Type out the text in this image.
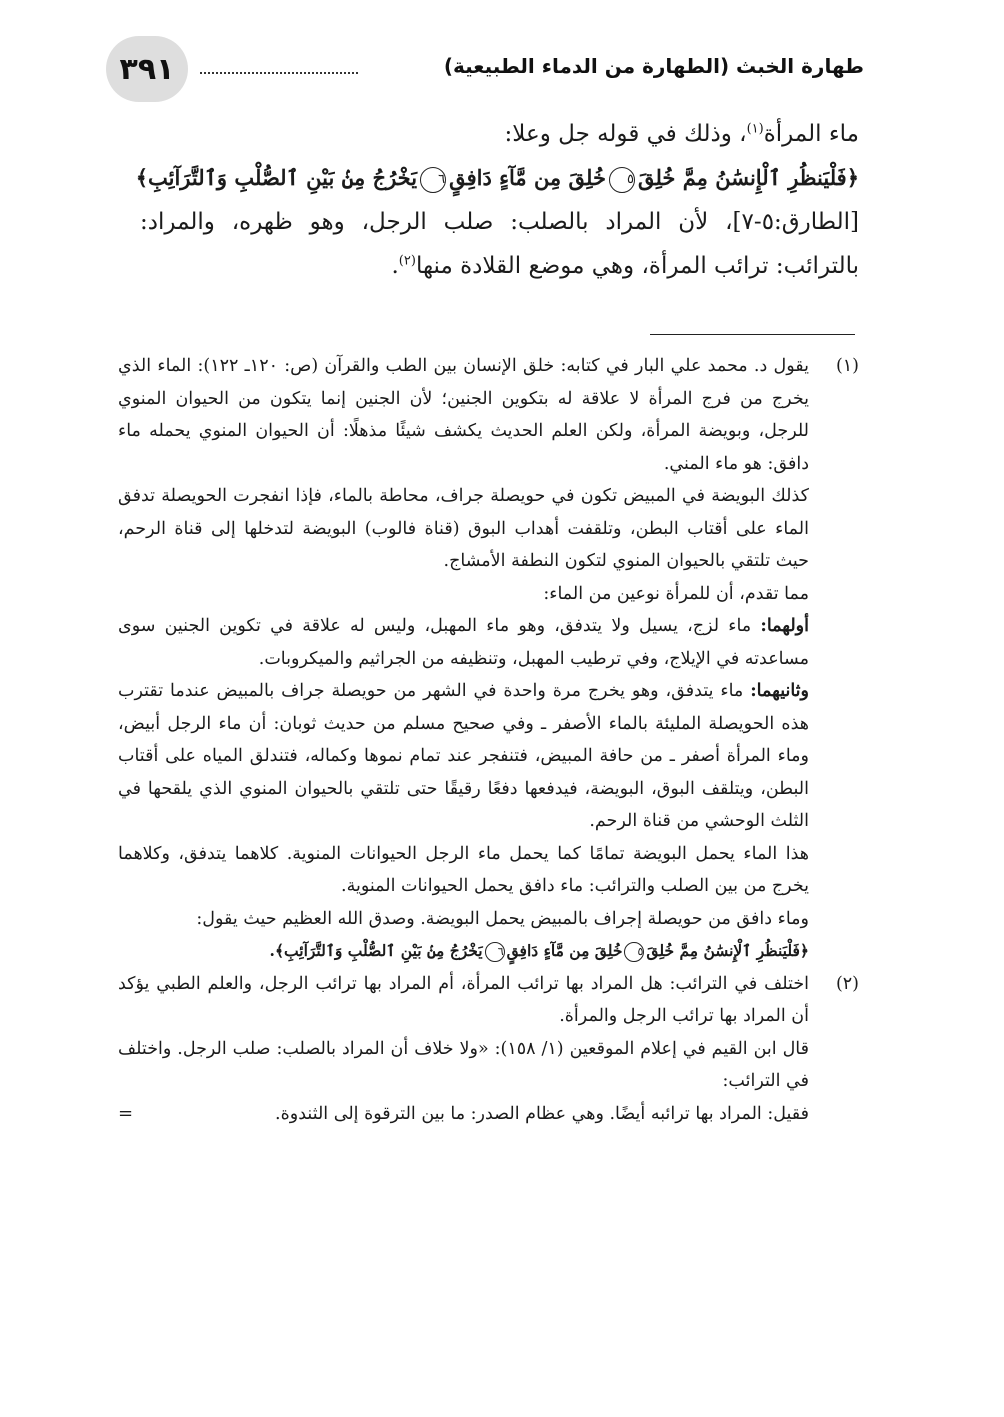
طهارة الخبث (الطهارة من الدماء الطبيعية)
٣٩١

ماء المرأة$^{(١)}$، وذلك في قوله جل وعلا:

﴿فَلْيَنظُرِ ٱلْإِنسَٰنُ مِمَّ خُلِقَ٥خُلِقَ مِن مَّآءٍ دَافِقٍ٦يَخْرُجُ مِنۢ بَيْنِ ٱلصُّلْبِ وَٱلتَّرَآئِبِ﴾

[الطارق:٥-٧]، لأن المراد بالصلب: صلب الرجل، وهو ظهره، والمراد: بالترائب: ترائب المرأة، وهي موضع القلادة منها$^{(٢)}$.

(١)

يقول د. محمد علي البار في كتابه: خلق الإنسان بين الطب والقرآن (ص: ١٢٠ـ ١٢٢): الماء الذي يخرج من فرج المرأة لا علاقة له بتكوين الجنين؛ لأن الجنين إنما يتكون من الحيوان المنوي للرجل، وبويضة المرأة، ولكن العلم الحديث يكشف شيئًا مذهلًا: أن الحيوان المنوي يحمله ماء دافق: هو ماء المني.

كذلك البويضة في المبيض تكون في حويصلة جراف، محاطة بالماء، فإذا انفجرت الحويصلة تدفق الماء على أقتاب البطن، وتلقفت أهداب البوق (قناة فالوب) البويضة لتدخلها إلى قناة الرحم، حيث تلتقي بالحيوان المنوي لتكون النطفة الأمشاج.

مما تقدم، أن للمرأة نوعين من الماء:

أولهما: ماء لزج، يسيل ولا يتدفق، وهو ماء المهبل، وليس له علاقة في تكوين الجنين سوى مساعدته في الإيلاج، وفي ترطيب المهبل، وتنظيفه من الجراثيم والميكروبات.

وثانيهما: ماء يتدفق، وهو يخرج مرة واحدة في الشهر من حويصلة جراف بالمبيض عندما تقترب هذه الحويصلة المليئة بالماء الأصفر ـ وفي صحيح مسلم من حديث ثوبان: أن ماء الرجل أبيض، وماء المرأة أصفر ـ من حافة المبيض، فتنفجر عند تمام نموها وكماله، فتندلق المياه على أقتاب البطن، ويتلقف البوق، البويضة، فيدفعها دفعًا رقيقًا حتى تلتقي بالحيوان المنوي الذي يلقحها في الثلث الوحشي من قناة الرحم.

هذا الماء يحمل البويضة تمامًا كما يحمل ماء الرجل الحيوانات المنوية. كلاهما يتدفق، وكلاهما يخرج من بين الصلب والترائب: ماء دافق يحمل الحيوانات المنوية.

وماء دافق من حويصلة إجراف بالمبيض يحمل البويضة. وصدق الله العظيم حيث يقول:

﴿فَلْيَنظُرِ ٱلْإِنسَٰنُ مِمَّ خُلِقَ٥خُلِقَ مِن مَّآءٍ دَافِقٍ٦يَخْرُجُ مِنۢ بَيْنِ ٱلصُّلْبِ وَٱلتَّرَآئِبِ﴾.

(٢)

اختلف في الترائب: هل المراد بها ترائب المرأة، أم المراد بها ترائب الرجل، والعلم الطبي يؤكد أن المراد بها ترائب الرجل والمرأة.

قال ابن القيم في إعلام الموقعين (١/ ١٥٨): «ولا خلاف أن المراد بالصلب: صلب الرجل. واختلف في الترائب:

فقيل: المراد بها ترائبه أيضًا. وهي عظام الصدر: ما بين الترقوة إلى الثندوة.
=
